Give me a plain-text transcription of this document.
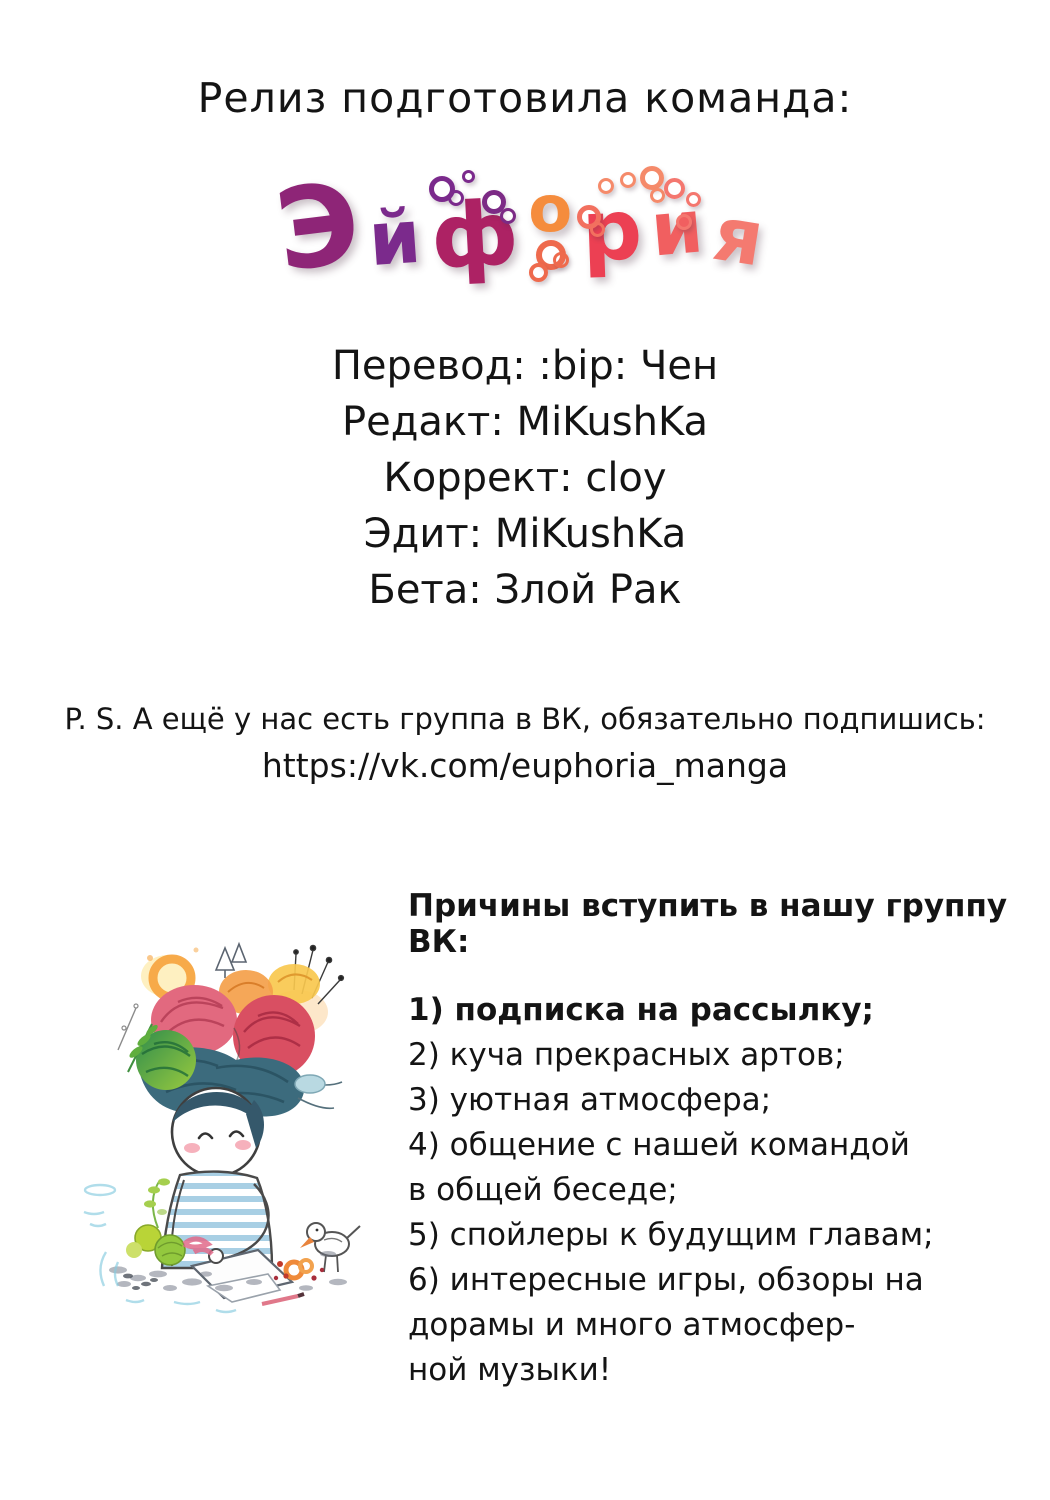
Релиз подготовила команда:
Эйфория
Перевод: :bip: Чен
Редакт: MiKushKa
Коррект: cloy
Эдит: MiKushKa
Бета: Злой Рак
P. S. А ещё у нас есть группа в ВК, обязательно подпишись:
https://vk.com/euphoria_manga
Причины вступить в нашу группу ВК:
1) подписка на рассылку;
2) куча прекрасных артов;
3) уютная атмосфера;
4) общение с нашей командой
в общей беседе;
5) спойлеры к будущим главам;
6) интересные игры, обзоры на
дорамы и много атмосфер-
ной музыки!
